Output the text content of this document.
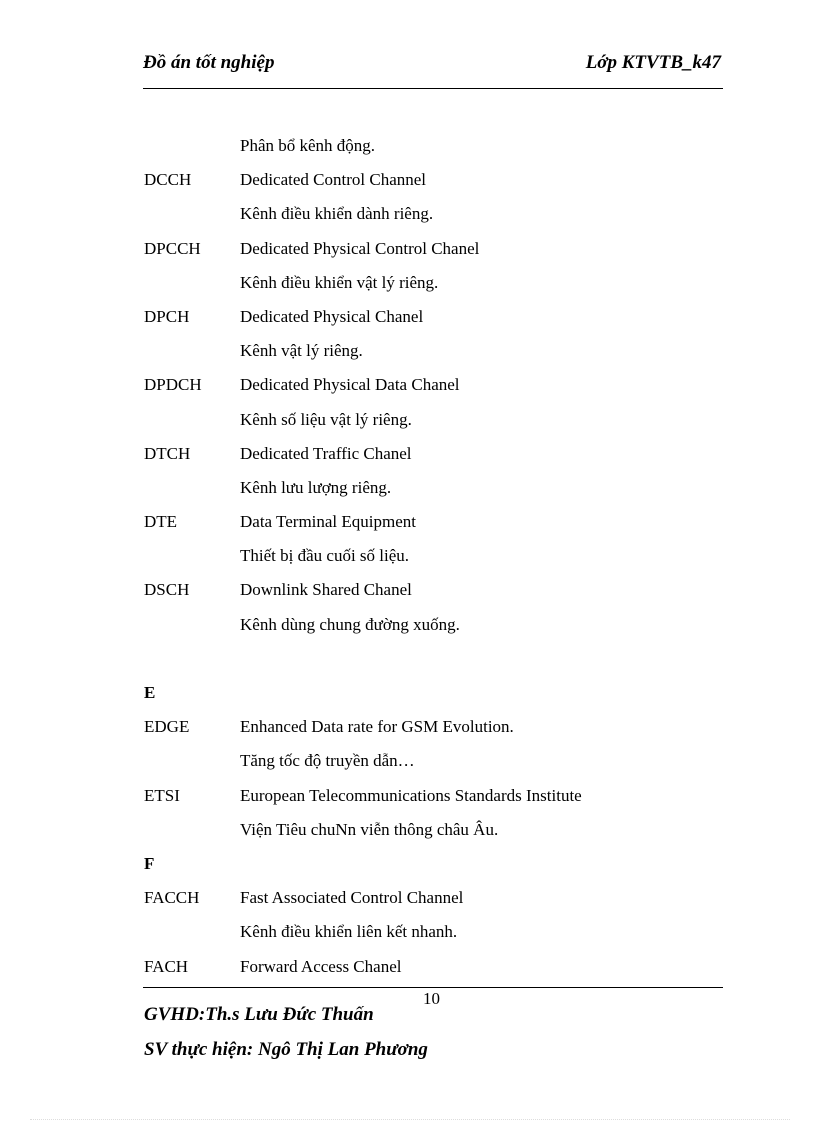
Đồ án tốt nghiệp	Lớp KTVTB_k47
Phân bổ kênh động.
DCCH	Dedicated Control Channel
Kênh điều khiển dành riêng.
DPCCH Dedicated Physical Control Chanel
Kênh điều khiển vật lý riêng.
DPCH	Dedicated Physical Chanel
Kênh vật lý riêng.
DPDCH Dedicated Physical Data Chanel
Kênh số liệu vật lý riêng.
DTCH	Dedicated Traffic Chanel
Kênh lưu lượng riêng.
DTE	Data Terminal Equipment
Thiết bị đầu cuối số liệu.
DSCH	Downlink Shared Chanel
Kênh dùng chung đường xuống.
E
EDGE	Enhanced Data rate for GSM Evolution.
Tăng tốc độ truyền dẫn…
ETSI	European Telecommunications Standards Institute
Viện Tiêu chuNn viễn thông châu Âu.
F
FACCH Fast Associated Control Channel
Kênh điều khiển liên kết nhanh.
FACH	Forward Access Chanel
10
GVHD:Th.s Lưu Đức Thuấn
SV thực hiện: Ngô Thị Lan Phương
